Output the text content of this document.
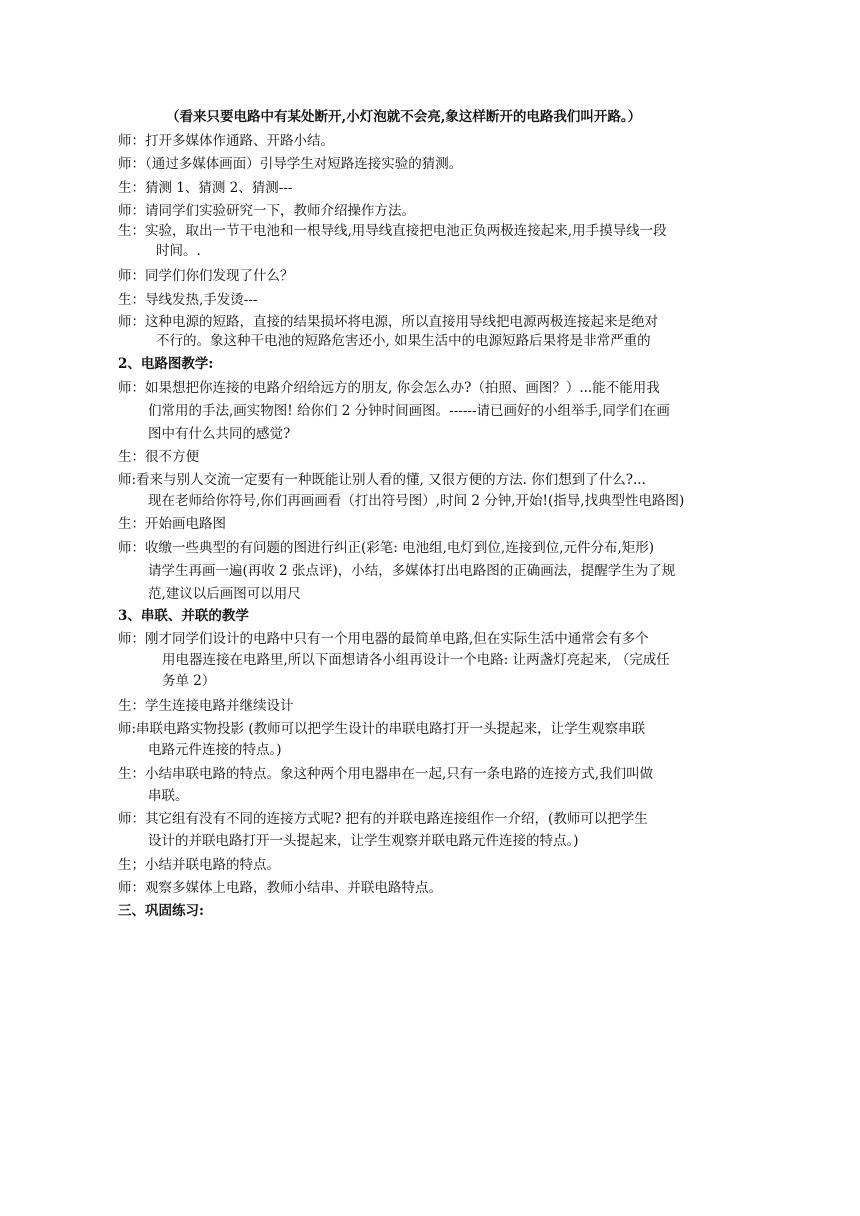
（看来只要电路中有某处断开,小灯泡就不会亮,象这样断开的电路我们叫开路。）
师：打开多媒体作通路、开路小结。
师：（通过多媒体画面）引导学生对短路连接实验的猜测。
生：猜测 1、猜测 2、猜测---
师：请同学们实验研究一下，教师介绍操作方法。
生：实验，取出一节干电池和一根导线,用导线直接把电池正负两极连接起来,用手摸导线一段
时间。.
师：同学们你们发现了什么？
生：导线发热,手发烫---
师：这种电源的短路，直接的结果损坏将电源，所以直接用导线把电源两极连接起来是绝对
不行的。象这种干电池的短路危害还小, 如果生活中的电源短路后果将是非常严重的
2、电路图教学:
师：如果想把你连接的电路介绍给远方的朋友, 你会怎么办?（拍照、画图？）...能不能用我
们常用的手法,画实物图! 给你们 2 分钟时间画图。------请已画好的小组举手,同学们在画
图中有什么共同的感觉?
生：很不方便
师:看来与别人交流一定要有一种既能让别人看的懂, 又很方便的方法. 你们想到了什么?...
现在老师给你符号,你们再画画看（打出符号图）,时间 2 分钟,开始!(指导,找典型性电路图)
生：开始画电路图
师：收缴一些典型的有问题的图进行纠正(彩笔: 电池组,电灯到位,连接到位,元件分布,矩形)
请学生再画一遍(再收 2 张点评)，小结，多媒体打出电路图的正确画法，提醒学生为了规
范,建议以后画图可以用尺
3、串联、并联的教学
师：刚才同学们设计的电路中只有一个用电器的最简单电路,但在实际生活中通常会有多个
用电器连接在电路里,所以下面想请各小组再设计一个电路: 让两盏灯亮起来, （完成任
务单 2）
生：学生连接电路并继续设计
师:串联电路实物投影 (教师可以把学生设计的串联电路打开一头提起来，让学生观察串联
电路元件连接的特点。)
生：小结串联电路的特点。象这种两个用电器串在一起,只有一条电路的连接方式,我们叫做
串联。
师：其它组有没有不同的连接方式呢? 把有的并联电路连接组作一介绍，(教师可以把学生
设计的并联电路打开一头提起来，让学生观察并联电路元件连接的特点。)
生；小结并联电路的特点。
师：观察多媒体上电路，教师小结串、并联电路特点。
三、巩固练习:
